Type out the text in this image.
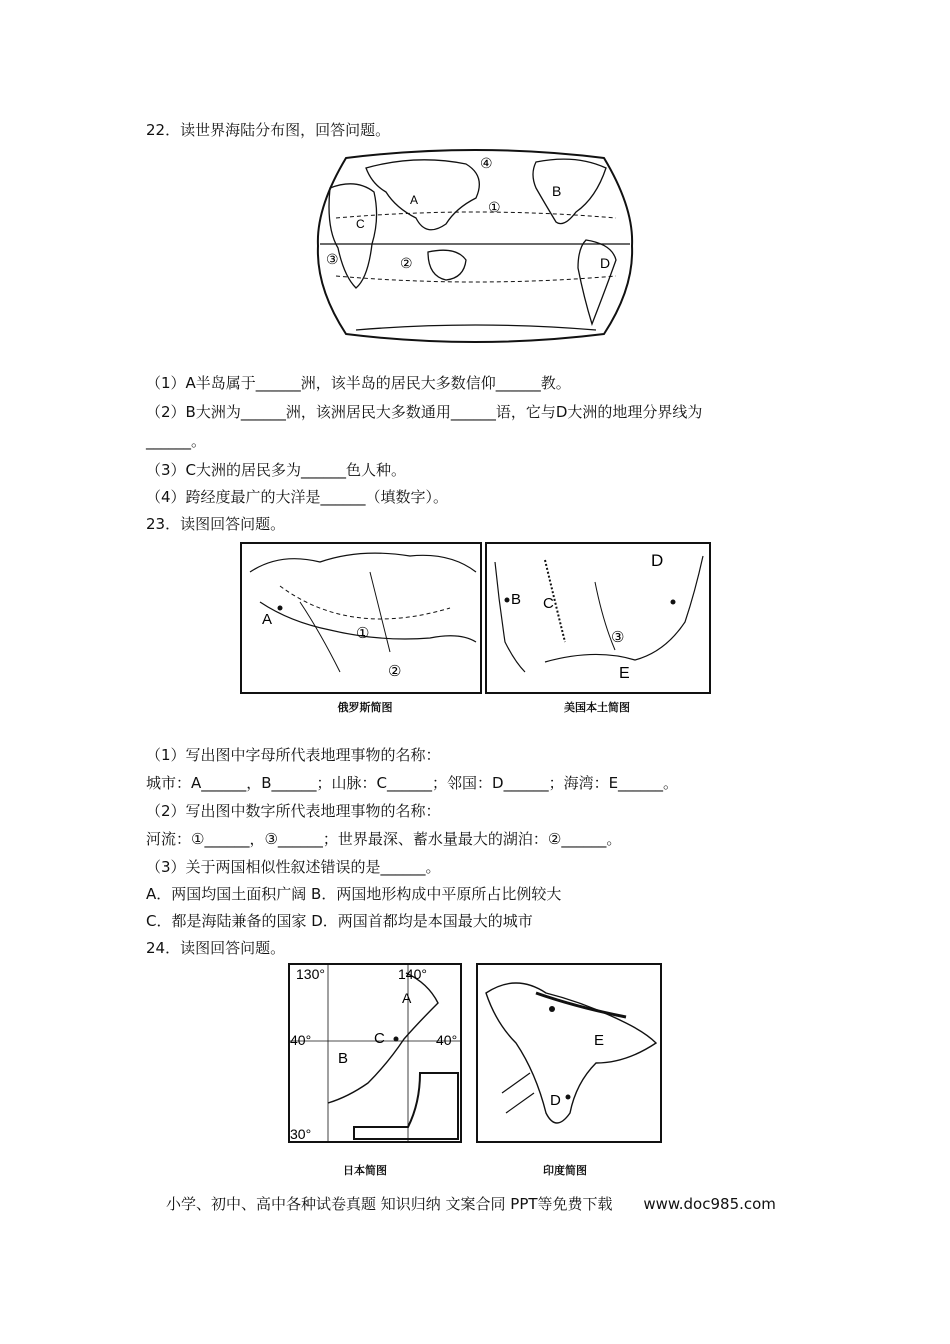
22．读世界海陆分布图，回答问题。
④
①
③	②
B
D
A
C
（1）A半岛属于______洲，该半岛的居民大多数信仰______教。
（2）B大洲为______洲，该洲居民大多数通用______语，它与D大洲的地理分界线为
______。
（3）C大洲的居民多为______色人种。
（4）跨经度最广的大洋是______（填数字）。
23．读图回答问题。
A
①
②
俄罗斯简图
B C
D
③
E
美国本土简图
（1）写出图中字母所代表地理事物的名称：
城市：A______，B______；山脉：C______；邻国：D______；海湾：E______。
（2）写出图中数字所代表地理事物的名称：
河流：①______，③______；世界最深、蓄水量最大的湖泊：②______。
（3）关于两国相似性叙述错误的是______。
A．两国均国土面积广阔 B．两国地形构成中平原所占比例较大
C．都是海陆兼备的国家 D．两国首都均是本国最大的城市
24．读图回答问题。
130°	140°
40°	40°
30°
A
B
C
日本简图
E
D
印度简图
小学、初中、高中各种试卷真题 知识归纳 文案合同 PPT等免费下载 www.doc985.com
